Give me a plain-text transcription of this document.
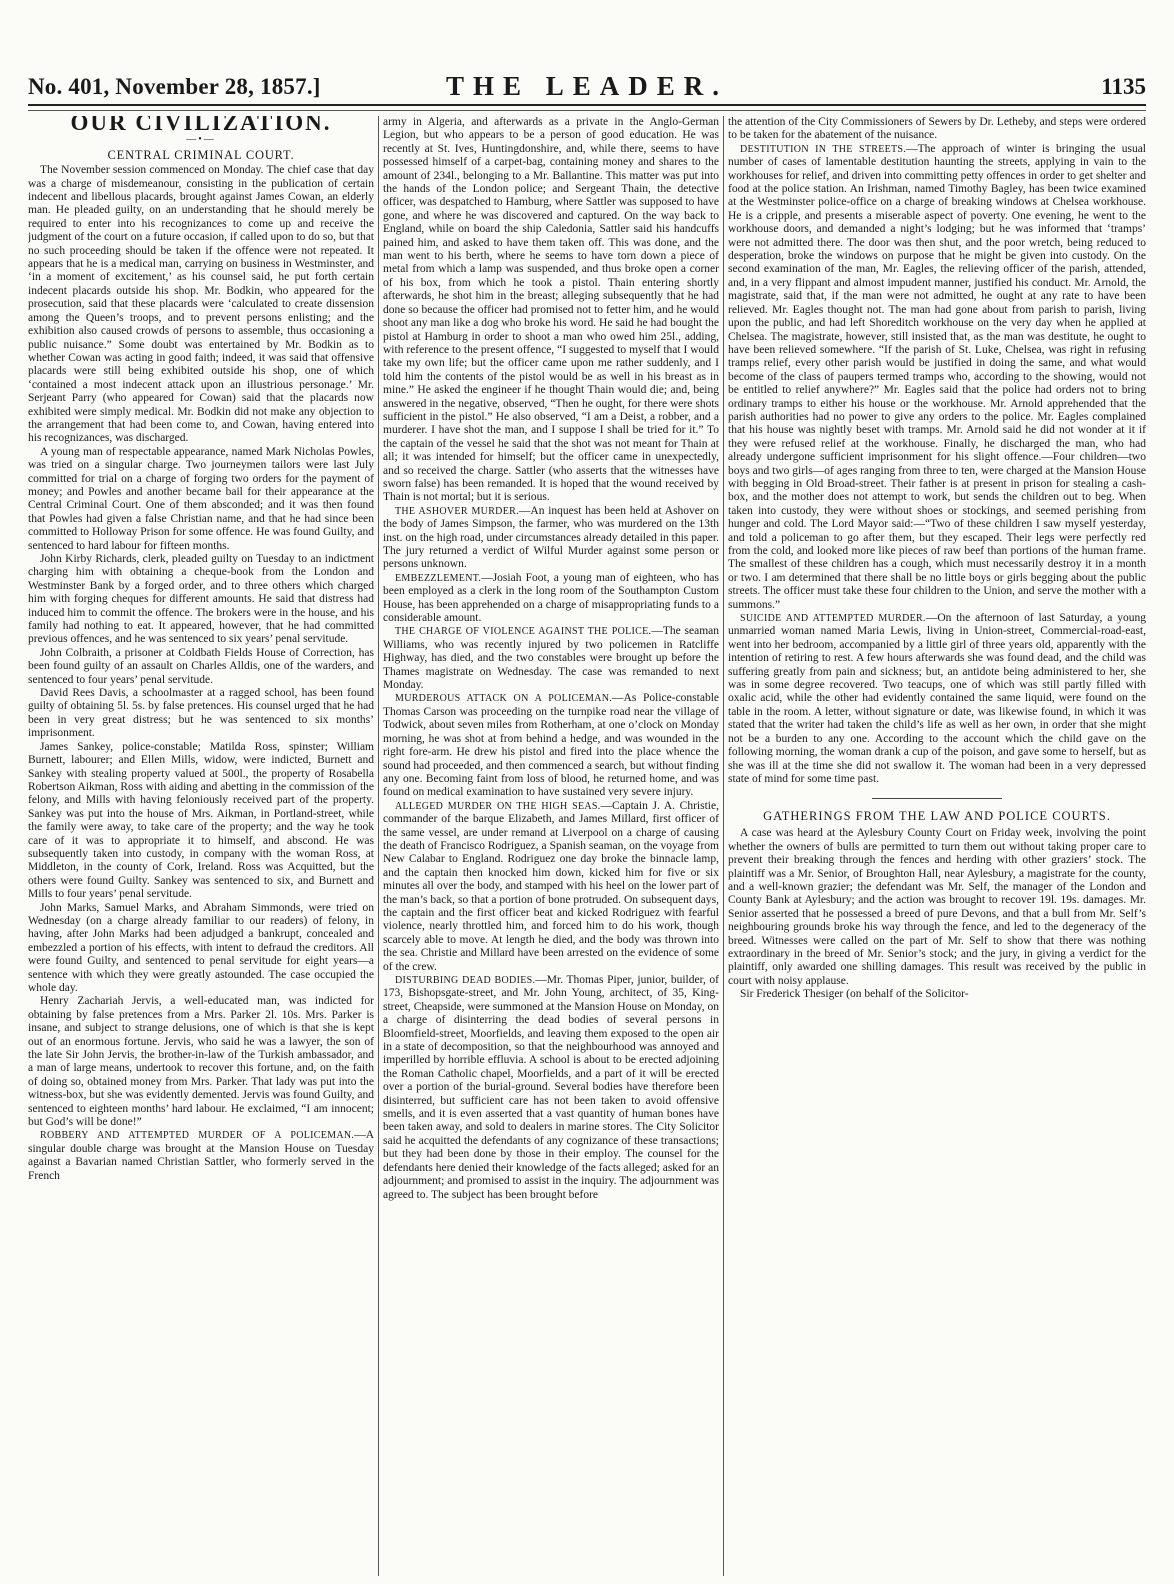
No. 401, November 28, 1857.]	THE LEADER.	1135
OUR CIVILIZATION.
—•—
CENTRAL CRIMINAL COURT.

The November session commenced on Monday. The chief case that day was a charge of misdemeanour, consisting in the publication of certain indecent and libellous placards, brought against James Cowan, an elderly man. He pleaded guilty, on an understanding that he should merely be required to enter into his recognizances to come up and receive the judgment of the court on a future occasion, if called upon to do so, but that no such proceeding should be taken if the offence were not repeated. It appears that he is a medical man, carrying on business in Westminster, and ‘in a moment of excitement,’ as his counsel said, he put forth certain indecent placards outside his shop. Mr. Bodkin, who appeared for the prosecution, said that these placards were ‘calculated to create dissension among the Queen’s troops, and to prevent persons enlisting; and the exhibition also caused crowds of persons to assemble, thus occasioning a public nuisance.” Some doubt was entertained by Mr. Bodkin as to whether Cowan was acting in good faith; indeed, it was said that offensive placards were still being exhibited outside his shop, one of which ‘contained a most indecent attack upon an illustrious personage.’ Mr. Serjeant Parry (who appeared for Cowan) said that the placards now exhibited were simply medical. Mr. Bodkin did not make any objection to the arrangement that had been come to, and Cowan, having entered into his recognizances, was discharged.

A young man of respectable appearance, named Mark Nicholas Powles, was tried on a singular charge. Two journeymen tailors were last July committed for trial on a charge of forging two orders for the payment of money; and Powles and another became bail for their appearance at the Central Criminal Court. One of them absconded; and it was then found that Powles had given a false Christian name, and that he had since been committed to Holloway Prison for some offence. He was found Guilty, and sentenced to hard labour for fifteen months.

John Kirby Richards, clerk, pleaded guilty on Tuesday to an indictment charging him with obtaining a cheque-book from the London and Westminster Bank by a forged order, and to three others which charged him with forging cheques for different amounts. He said that distress had induced him to commit the offence. The brokers were in the house, and his family had nothing to eat. It appeared, however, that he had committed previous offences, and he was sentenced to six years’ penal servitude.

John Colbraith, a prisoner at Coldbath Fields House of Correction, has been found guilty of an assault on Charles Alldis, one of the warders, and sentenced to four years’ penal servitude.

David Rees Davis, a schoolmaster at a ragged school, has been found guilty of obtaining 5l. 5s. by false pretences. His counsel urged that he had been in very great distress; but he was sentenced to six months’ imprisonment.

James Sankey, police-constable; Matilda Ross, spinster; William Burnett, labourer; and Ellen Mills, widow, were indicted, Burnett and Sankey with stealing property valued at 500l., the property of Rosabella Robertson Aikman, Ross with aiding and abetting in the commission of the felony, and Mills with having feloniously received part of the property. Sankey was put into the house of Mrs. Aikman, in Portland-street, while the family were away, to take care of the property; and the way he took care of it was to appropriate it to himself, and abscond. He was subsequently taken into custody, in company with the woman Ross, at Middleton, in the county of Cork, Ireland. Ross was Acquitted, but the others were found Guilty. Sankey was sentenced to six, and Burnett and Mills to four years’ penal servitude.

John Marks, Samuel Marks, and Abraham Simmonds, were tried on Wednesday (on a charge already familiar to our readers) of felony, in having, after John Marks had been adjudged a bankrupt, concealed and embezzled a portion of his effects, with intent to defraud the creditors. All were found Guilty, and sentenced to penal servitude for eight years—a sentence with which they were greatly astounded. The case occupied the whole day.

Henry Zachariah Jervis, a well-educated man, was indicted for obtaining by false pretences from a Mrs. Parker 2l. 10s. Mrs. Parker is insane, and subject to strange delusions, one of which is that she is kept out of an enormous fortune. Jervis, who said he was a lawyer, the son of the late Sir John Jervis, the brother-in-law of the Turkish ambassador, and a man of large means, undertook to recover this fortune, and, on the faith of doing so, obtained money from Mrs. Parker. That lady was put into the witness-box, but she was evidently demented. Jervis was found Guilty, and sentenced to eighteen months’ hard labour. He exclaimed, “I am innocent; but God’s will be done!”

ROBBERY AND ATTEMPTED MURDER OF A POLICEMAN.—A singular double charge was brought at the Mansion House on Tuesday against a Bavarian named Christian Sattler, who formerly served in the French

army in Algeria, and afterwards as a private in the Anglo-German Legion, but who appears to be a person of good education. He was recently at St. Ives, Huntingdonshire, and, while there, seems to have possessed himself of a carpet-bag, containing money and shares to the amount of 234l., belonging to a Mr. Ballantine. This matter was put into the hands of the London police; and Sergeant Thain, the detective officer, was despatched to Hamburg, where Sattler was supposed to have gone, and where he was discovered and captured. On the way back to England, while on board the ship Caledonia, Sattler said his handcuffs pained him, and asked to have them taken off. This was done, and the man went to his berth, where he seems to have torn down a piece of metal from which a lamp was suspended, and thus broke open a corner of his box, from which he took a pistol. Thain entering shortly afterwards, he shot him in the breast; alleging subsequently that he had done so because the officer had promised not to fetter him, and he would shoot any man like a dog who broke his word. He said he had bought the pistol at Hamburg in order to shoot a man who owed him 25l., adding, with reference to the present offence, “I suggested to myself that I would take my own life; but the officer came upon me rather suddenly, and I told him the contents of the pistol would be as well in his breast as in mine.” He asked the engineer if he thought Thain would die; and, being answered in the negative, observed, “Then he ought, for there were shots sufficient in the pistol.” He also observed, “I am a Deist, a robber, and a murderer. I have shot the man, and I suppose I shall be tried for it.” To the captain of the vessel he said that the shot was not meant for Thain at all; it was intended for himself; but the officer came in unexpectedly, and so received the charge. Sattler (who asserts that the witnesses have sworn false) has been remanded. It is hoped that the wound received by Thain is not mortal; but it is serious.

THE ASHOVER MURDER.—An inquest has been held at Ashover on the body of James Simpson, the farmer, who was murdered on the 13th inst. on the high road, under circumstances already detailed in this paper. The jury returned a verdict of Wilful Murder against some person or persons unknown.

EMBEZZLEMENT.—Josiah Foot, a young man of eighteen, who has been employed as a clerk in the long room of the Southampton Custom House, has been apprehended on a charge of misappropriating funds to a considerable amount.

THE CHARGE OF VIOLENCE AGAINST THE POLICE.—The seaman Williams, who was recently injured by two policemen in Ratcliffe Highway, has died, and the two constables were brought up before the Thames magistrate on Wednesday. The case was remanded to next Monday.

MURDEROUS ATTACK ON A POLICEMAN.—As Police-constable Thomas Carson was proceeding on the turnpike road near the village of Todwick, about seven miles from Rotherham, at one o’clock on Monday morning, he was shot at from behind a hedge, and was wounded in the right fore-arm. He drew his pistol and fired into the place whence the sound had proceeded, and then commenced a search, but without finding any one. Becoming faint from loss of blood, he returned home, and was found on medical examination to have sustained very severe injury.

ALLEGED MURDER ON THE HIGH SEAS.—Captain J. A. Christie, commander of the barque Elizabeth, and James Millard, first officer of the same vessel, are under remand at Liverpool on a charge of causing the death of Francisco Rodriguez, a Spanish seaman, on the voyage from New Calabar to England. Rodriguez one day broke the binnacle lamp, and the captain then knocked him down, kicked him for five or six minutes all over the body, and stamped with his heel on the lower part of the man’s back, so that a portion of bone protruded. On subsequent days, the captain and the first officer beat and kicked Rodriguez with fearful violence, nearly throttled him, and forced him to do his work, though scarcely able to move. At length he died, and the body was thrown into the sea. Christie and Millard have been arrested on the evidence of some of the crew.

DISTURBING DEAD BODIES.—Mr. Thomas Piper, junior, builder, of 173, Bishopsgate-street, and Mr. John Young, architect, of 35, King-street, Cheapside, were summoned at the Mansion House on Monday, on a charge of disinterring the dead bodies of several persons in Bloomfield-street, Moorfields, and leaving them exposed to the open air in a state of decomposition, so that the neighbourhood was annoyed and imperilled by horrible effluvia. A school is about to be erected adjoining the Roman Catholic chapel, Moorfields, and a part of it will be erected over a portion of the burial-ground. Several bodies have therefore been disinterred, but sufficient care has not been taken to avoid offensive smells, and it is even asserted that a vast quantity of human bones have been taken away, and sold to dealers in marine stores. The City Solicitor said he acquitted the defendants of any cognizance of these transactions; but they had been done by those in their employ. The counsel for the defendants here denied their knowledge of the facts alleged; asked for an adjournment; and promised to assist in the inquiry. The adjournment was agreed to. The subject has been brought before

the attention of the City Commissioners of Sewers by Dr. Letheby, and steps were ordered to be taken for the abatement of the nuisance.

DESTITUTION IN THE STREETS.—The approach of winter is bringing the usual number of cases of lamentable destitution haunting the streets, applying in vain to the workhouses for relief, and driven into committing petty offences in order to get shelter and food at the police station. An Irishman, named Timothy Bagley, has been twice examined at the Westminster police-office on a charge of breaking windows at Chelsea workhouse. He is a cripple, and presents a miserable aspect of poverty. One evening, he went to the workhouse doors, and demanded a night’s lodging; but he was informed that ‘tramps’ were not admitted there. The door was then shut, and the poor wretch, being reduced to desperation, broke the windows on purpose that he might be given into custody. On the second examination of the man, Mr. Eagles, the relieving officer of the parish, attended, and, in a very flippant and almost impudent manner, justified his conduct. Mr. Arnold, the magistrate, said that, if the man were not admitted, he ought at any rate to have been relieved. Mr. Eagles thought not. The man had gone about from parish to parish, living upon the public, and had left Shoreditch workhouse on the very day when he applied at Chelsea. The magistrate, however, still insisted that, as the man was destitute, he ought to have been relieved somewhere. “If the parish of St. Luke, Chelsea, was right in refusing tramps relief, every other parish would be justified in doing the same, and what would become of the class of paupers termed tramps who, according to the showing, would not be entitled to relief anywhere?” Mr. Eagles said that the police had orders not to bring ordinary tramps to either his house or the workhouse. Mr. Arnold apprehended that the parish authorities had no power to give any orders to the police. Mr. Eagles complained that his house was nightly beset with tramps. Mr. Arnold said he did not wonder at it if they were refused relief at the workhouse. Finally, he discharged the man, who had already undergone sufficient imprisonment for his slight offence.—Four children—two boys and two girls—of ages ranging from three to ten, were charged at the Mansion House with begging in Old Broad-street. Their father is at present in prison for stealing a cash-box, and the mother does not attempt to work, but sends the children out to beg. When taken into custody, they were without shoes or stockings, and seemed perishing from hunger and cold. The Lord Mayor said:—“Two of these children I saw myself yesterday, and told a policeman to go after them, but they escaped. Their legs were perfectly red from the cold, and looked more like pieces of raw beef than portions of the human frame. The smallest of these children has a cough, which must necessarily destroy it in a month or two. I am determined that there shall be no little boys or girls begging about the public streets. The officer must take these four children to the Union, and serve the mother with a summons.”

SUICIDE AND ATTEMPTED MURDER.—On the afternoon of last Saturday, a young unmarried woman named Maria Lewis, living in Union-street, Commercial-road-east, went into her bedroom, accompanied by a little girl of three years old, apparently with the intention of retiring to rest. A few hours afterwards she was found dead, and the child was suffering greatly from pain and sickness; but, an antidote being administered to her, she was in some degree recovered. Two teacups, one of which was still partly filled with oxalic acid, while the other had evidently contained the same liquid, were found on the table in the room. A letter, without signature or date, was likewise found, in which it was stated that the writer had taken the child’s life as well as her own, in order that she might not be a burden to any one. According to the account which the child gave on the following morning, the woman drank a cup of the poison, and gave some to herself, but as she was ill at the time she did not swallow it. The woman had been in a very depressed state of mind for some time past.

GATHERINGS FROM THE LAW AND POLICE COURTS.

A case was heard at the Aylesbury County Court on Friday week, involving the point whether the owners of bulls are permitted to turn them out without taking proper care to prevent their breaking through the fences and herding with other graziers’ stock. The plaintiff was a Mr. Senior, of Broughton Hall, near Aylesbury, a magistrate for the county, and a well-known grazier; the defendant was Mr. Self, the manager of the London and County Bank at Aylesbury; and the action was brought to recover 19l. 19s. damages. Mr. Senior asserted that he possessed a breed of pure Devons, and that a bull from Mr. Self’s neighbouring grounds broke his way through the fence, and led to the degeneracy of the breed. Witnesses were called on the part of Mr. Self to show that there was nothing extraordinary in the breed of Mr. Senior’s stock; and the jury, in giving a verdict for the plaintiff, only awarded one shilling damages. This result was received by the public in court with noisy applause.

Sir Frederick Thesiger (on behalf of the Solicitor-
